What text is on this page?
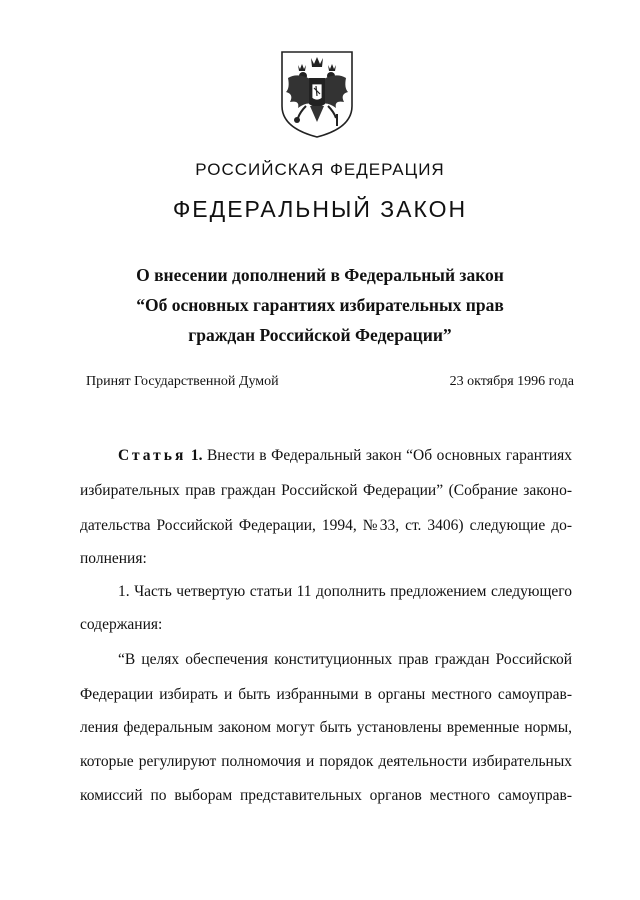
РОССИЙСКАЯ ФЕДЕРАЦИЯ
ФЕДЕРАЛЬНЫЙ ЗАКОН
О внесении дополнений в Федеральный закон
“Об основных гарантиях избирательных прав
граждан Российской Федерации”
Принят Государственной Думой	23 октября 1996 года
Статья 1. Внести в Федеральный закон “Об основных гарантиях
избирательных прав граждан Российской Федерации” (Собрание законо-
дательства Российской Федерации, 1994, №33, ст. 3406) следующие до-
полнения:
1. Часть четвертую статьи 11 дополнить предложением следующего
содержания:
“В целях обеспечения конституционных прав граждан Российской
Федерации избирать и быть избранными в органы местного самоуправ-
ления федеральным законом могут быть установлены временные нормы,
которые регулируют полномочия и порядок деятельности избирательных
комиссий по выборам представительных органов местного самоуправ-
